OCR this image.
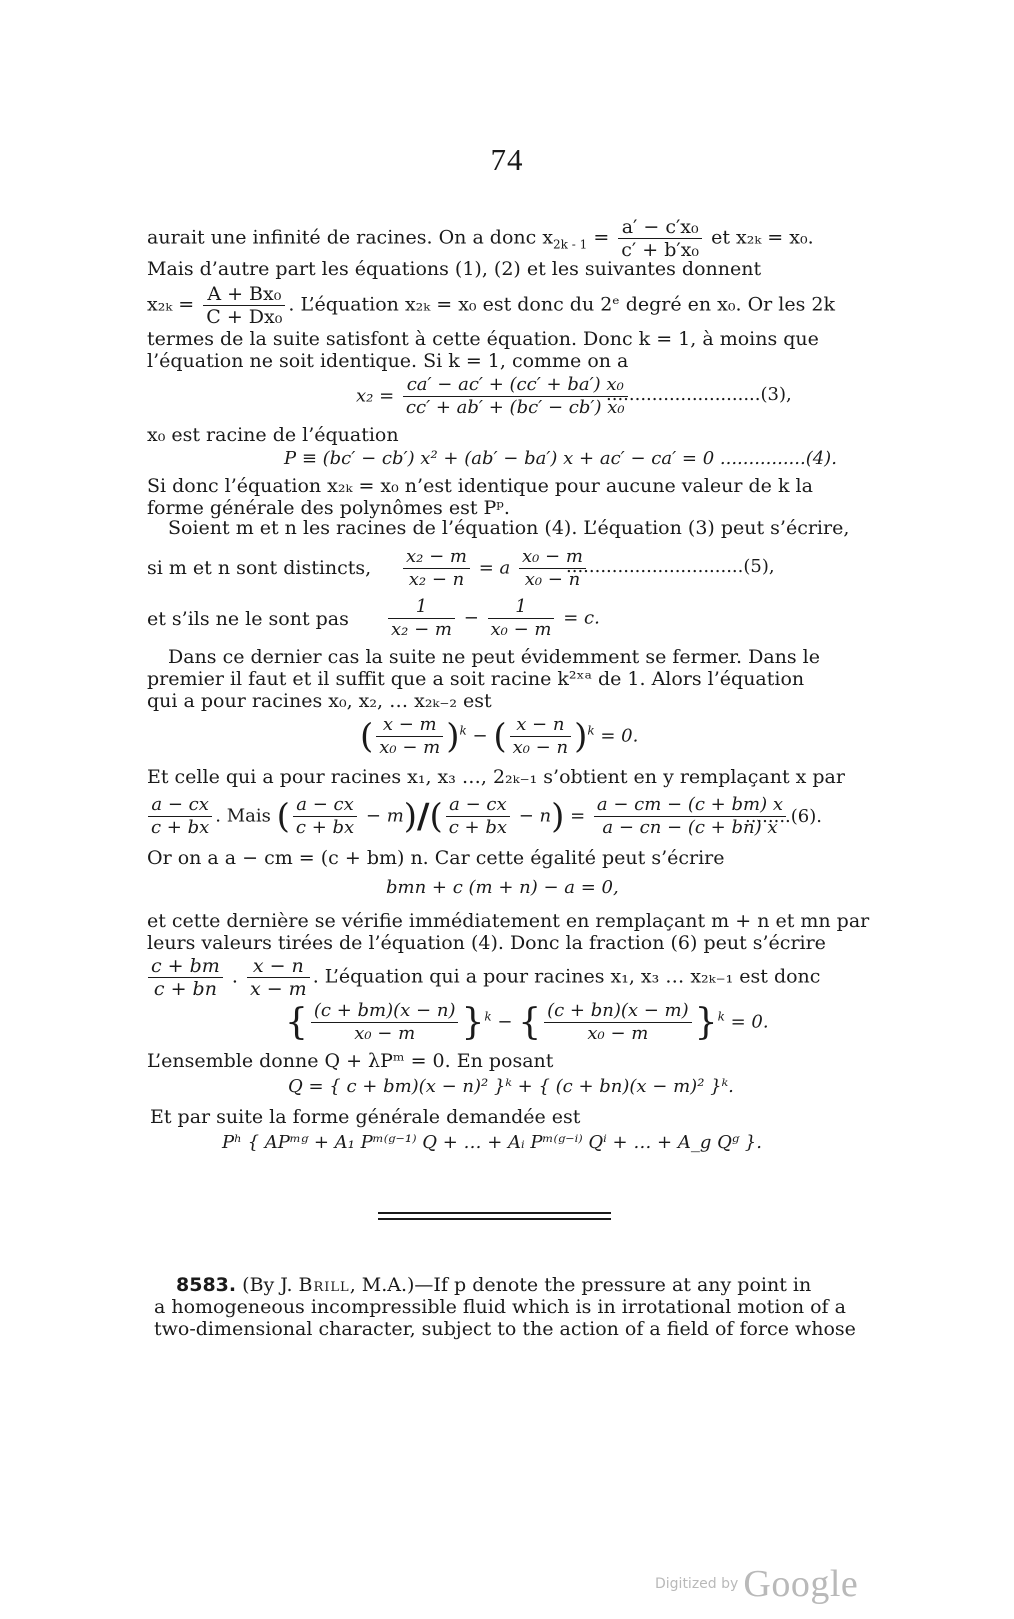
74
aurait une infinité de racines. On a donc $x_{2k - 1} = \frac{\text{a′ − c′x₀}}{\text{c′ + b′x₀}}$ et x₂ₖ = x₀.
Mais d’autre part les équations (1), (2) et les suivantes donnent
$x_{2k} = \frac{\text{A + Bx₀}}{\text{C + Dx₀}}$ . L’équation x₂ₖ = x₀ est donc du 2ᵉ degré en x₀. Or les 2k
termes de la suite satisfont à cette équation. Donc k = 1, à moins que
l’équation ne soit identique. Si k = 1, comme on a
$x_2 = \frac{\text{ca′ − ac′ + (cc′ + ba′) x₀}}{\text{cc′ + ab′ + (bc′ − cb′) x₀}}$
...........................(3),
x₀ est racine de l’équation
P ≡ (bc′ − cb′) x² + (ab′ − ba′) x + ac′ − ca′ = 0 ...............(4).
Si donc l’équation x₂ₖ = x₀ n’est identique pour aucune valeur de k la
forme générale des polynômes est Pᵖ.
Soient m et n les racines de l’équation (4). L’équation (3) peut s’écrire,
si m et n sont distincts, $\frac{\text{x₂ − m}}{\text{x₂ − n}} = a \frac{\text{x₀ − m}}{\text{x₀ − n}}$
...............................(5),
et s’ils ne le sont pas $\frac{1}{\text{x₂ − m}} - \frac{1}{\text{x₀ − m}} = c$.
Dans ce dernier cas la suite ne peut évidemment se fermer. Dans le
premier il faut et il suffit que a soit racine k²ˣᵃ de 1. Alors l’équation
qui a pour racines x₀, x₂, … x₂ₖ₋₂ est
( $\frac{x - m}{\text{x₀ − m}} )^k$ − ( $\frac{x - n}{\text{x₀ − n}} )^k = 0$.
Et celle qui a pour racines x₁, x₃ …, 2₂ₖ₋₁ s’obtient en y remplaçant x par
$\frac{a - cx}{c + bx}$ . Mais ( $\frac{a - cx}{c + bx} - m)/( \frac{a - cx}{c + bx} - n) = \frac{a - cm - (c + bm) x}{a - cn - (c + bn) x}$
........(6).
Or on a a − cm = (c + bm) n. Car cette égalité peut s’écrire
bmn + c (m + n) − a = 0,
et cette dernière se vérifie immédiatement en remplaçant m + n et mn par
leurs valeurs tirées de l’équation (4). Donc la fraction (6) peut s’écrire
$\frac{c + bm}{c + bn}$ . $\frac{x - n}{x - m}$ . L’équation qui a pour racines x₁, x₃ … x₂ₖ₋₁ est donc
{ $\frac{(c + bm)(x - n)}{\text{x₀ − m}} \}^k$ − { $\frac{(c + bn)(x - m)}{\text{x₀ − m}} \}^k = 0$.
L’ensemble donne Q + λPᵐ = 0. En posant
Q = { c + bm)(x − n)² }ᵏ + { (c + bn)(x − m)² }ᵏ.
Et par suite la forme générale demandée est
Pʰ { APᵐᵍ + A₁ Pᵐ⁽ᵍ⁻¹⁾ Q + … + Aᵢ Pᵐ⁽ᵍ⁻ⁱ⁾ Qⁱ + … + A_g Qᵍ }.
8583. (By J. Brill, M.A.)—If p denote the pressure at any point in
a homogeneous incompressible fluid which is in irrotational motion of a
two-dimensional character, subject to the action of a field of force whose
Digitized by Google
